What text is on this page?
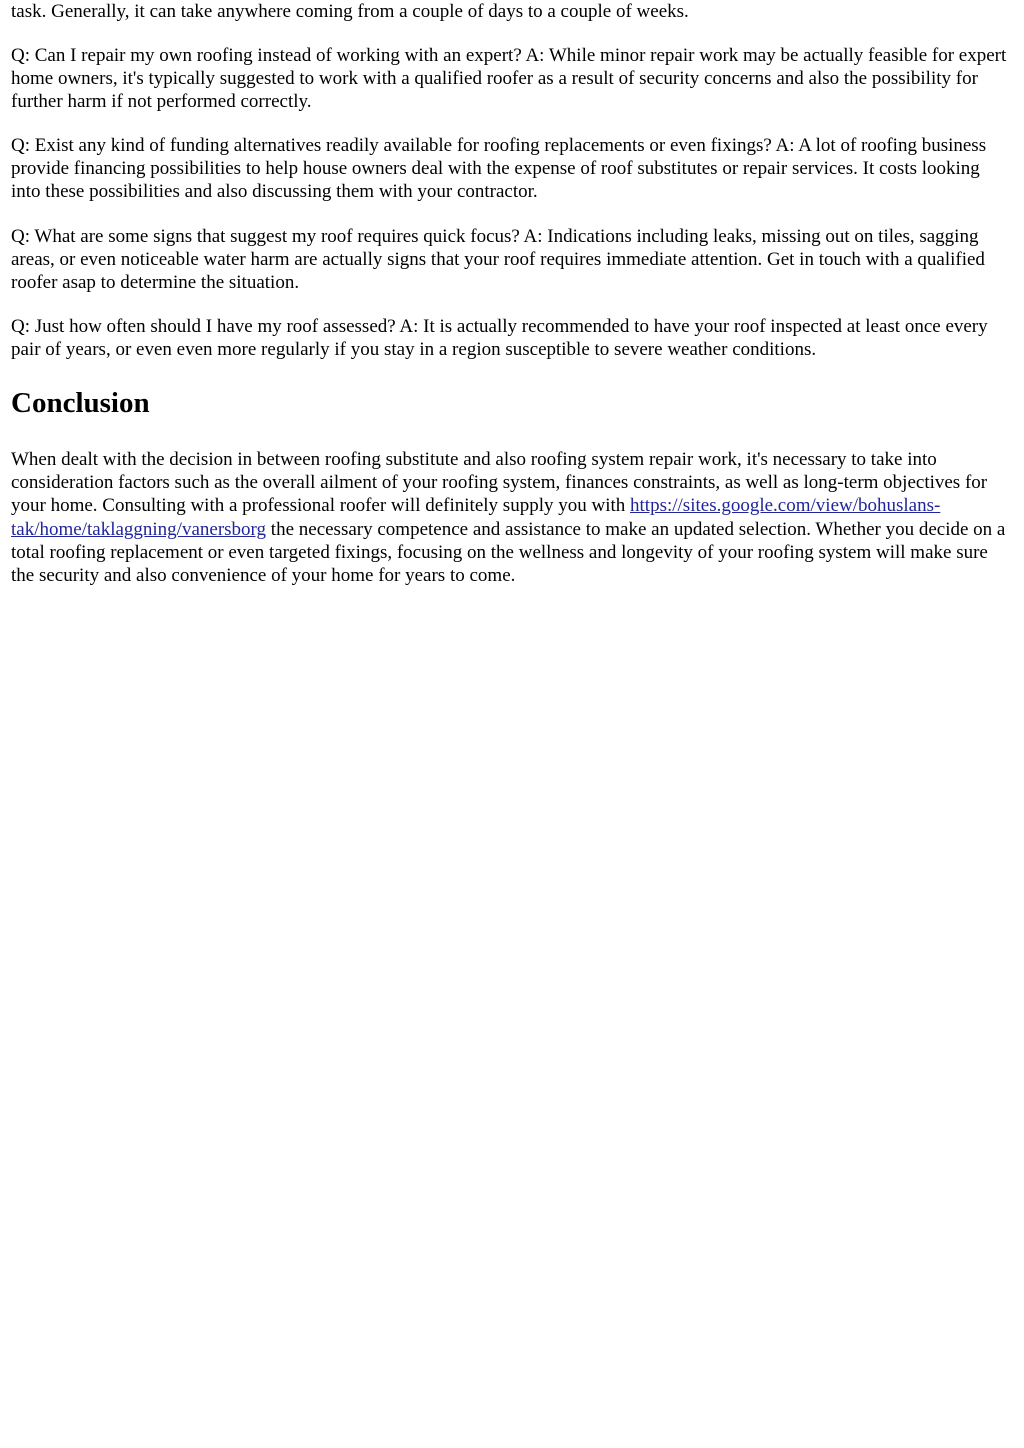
task. Generally, it can take anywhere coming from a couple of days to a couple of weeks.

Q: Can I repair my own roofing instead of working with an expert? A: While minor repair work may be actually feasible for expert home owners, it's typically suggested to work with a qualified roofer as a result of security concerns and also the possibility for further harm if not performed correctly.

Q: Exist any kind of funding alternatives readily available for roofing replacements or even fixings? A: A lot of roofing business provide financing possibilities to help house owners deal with the expense of roof substitutes or repair services. It costs looking into these possibilities and also discussing them with your contractor.

Q: What are some signs that suggest my roof requires quick focus? A: Indications including leaks, missing out on tiles, sagging areas, or even noticeable water harm are actually signs that your roof requires immediate attention. Get in touch with a qualified roofer asap to determine the situation.

Q: Just how often should I have my roof assessed? A: It is actually recommended to have your roof inspected at least once every pair of years, or even even more regularly if you stay in a region susceptible to severe weather conditions.

Conclusion

When dealt with the decision in between roofing substitute and also roofing system repair work, it's necessary to take into consideration factors such as the overall ailment of your roofing system, finances constraints, as well as long-term objectives for your home. Consulting with a professional roofer will definitely supply you with https://sites.google.com/view/bohuslans-tak/home/taklaggning/vanersborg the necessary competence and assistance to make an updated selection. Whether you decide on a total roofing replacement or even targeted fixings, focusing on the wellness and longevity of your roofing system will make sure the security and also convenience of your home for years to come.
